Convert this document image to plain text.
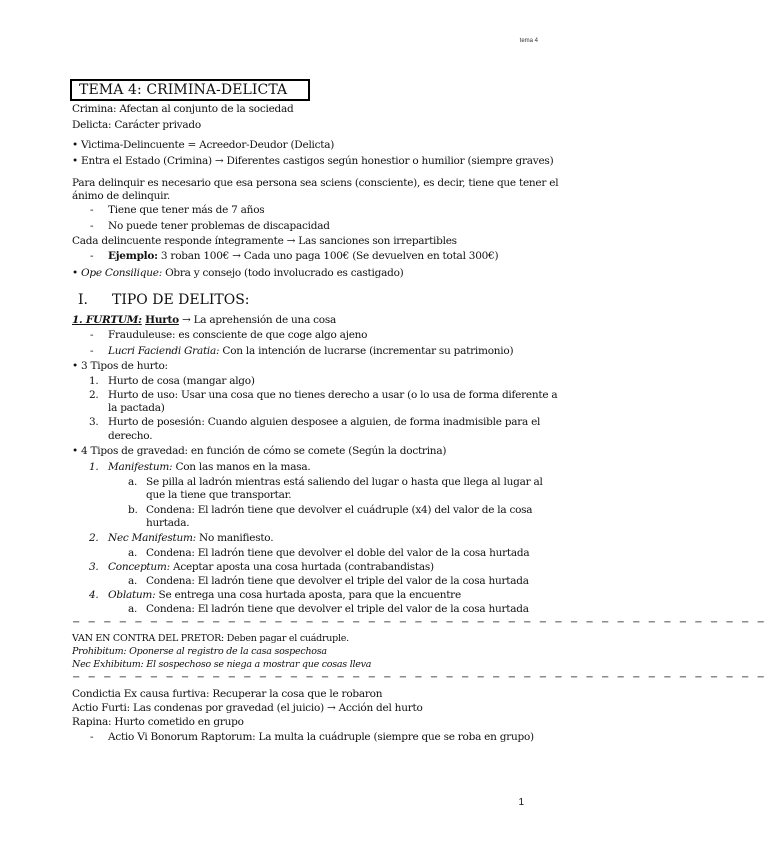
tema 4
TEMA 4: CRIMINA-DELICTA
Crimina: Afectan al conjunto de la sociedad
Delicta: Carácter privado
• Victima-Delincuente = Acreedor-Deudor (Delicta)
• Entra el Estado (Crimina) → Diferentes castigos según honestior o humilior (siempre graves)
Para delinquir es necesario que esa persona sea sciens (consciente), es decir, tiene que tener el
ánimo de delinquir.
- Tiene que tener más de 7 años
- No puede tener problemas de discapacidad
Cada delincuente responde íntegramente → Las sanciones son irrepartibles
- Ejemplo: 3 roban 100€ → Cada uno paga 100€ (Se devuelven en total 300€)
• Ope Consilique: Obra y consejo (todo involucrado es castigado)
I. TIPO DE DELITOS:
1. FURTUM: Hurto → La aprehensión de una cosa
- Frauduleuse: es consciente de que coge algo ajeno
- Lucri Faciendi Gratia: Con la intención de lucrarse (incrementar su patrimonio)
• 3 Tipos de hurto:
1. Hurto de cosa (mangar algo)
2. Hurto de uso: Usar una cosa que no tienes derecho a usar (o lo usa de forma diferente a
la pactada)
3. Hurto de posesión: Cuando alguien desposee a alguien, de forma inadmisible para el
derecho.
• 4 Tipos de gravedad: en función de cómo se comete (Según la doctrina)
1. Manifestum: Con las manos en la masa.
a. Se pilla al ladrón mientras está saliendo del lugar o hasta que llega al lugar al
que la tiene que transportar.
b. Condena: El ladrón tiene que devolver el cuádruple (x4) del valor de la cosa
hurtada.
2. Nec Manifestum: No manifiesto.
a. Condena: El ladrón tiene que devolver el doble del valor de la cosa hurtada
3. Conceptum: Aceptar aposta una cosa hurtada (contrabandistas)
a. Condena: El ladrón tiene que devolver el triple del valor de la cosa hurtada
4. Oblatum: Se entrega una cosa hurtada aposta, para que la encuentre
a. Condena: El ladrón tiene que devolver el triple del valor de la cosa hurtada
− − − − − − − − − − − − − − − − − − − − − − − − − − − − − − − − − − − − − − − − − − − − −
VAN EN CONTRA DEL PRETOR: Deben pagar el cuádruple.
Prohibitum: Oponerse al registro de la casa sospechosa
Nec Exhibitum: El sospechoso se niega a mostrar que cosas lleva
− − − − − − − − − − − − − − − − − − − − − − − − − − − − − − − − − − − − − − − − − − − − −
Condictia Ex causa furtiva: Recuperar la cosa que le robaron
Actio Furti: Las condenas por gravedad (el juicio) → Acción del hurto
Rapina: Hurto cometido en grupo
- Actio Vi Bonorum Raptorum: La multa la cuádruple (siempre que se roba en grupo)
1
